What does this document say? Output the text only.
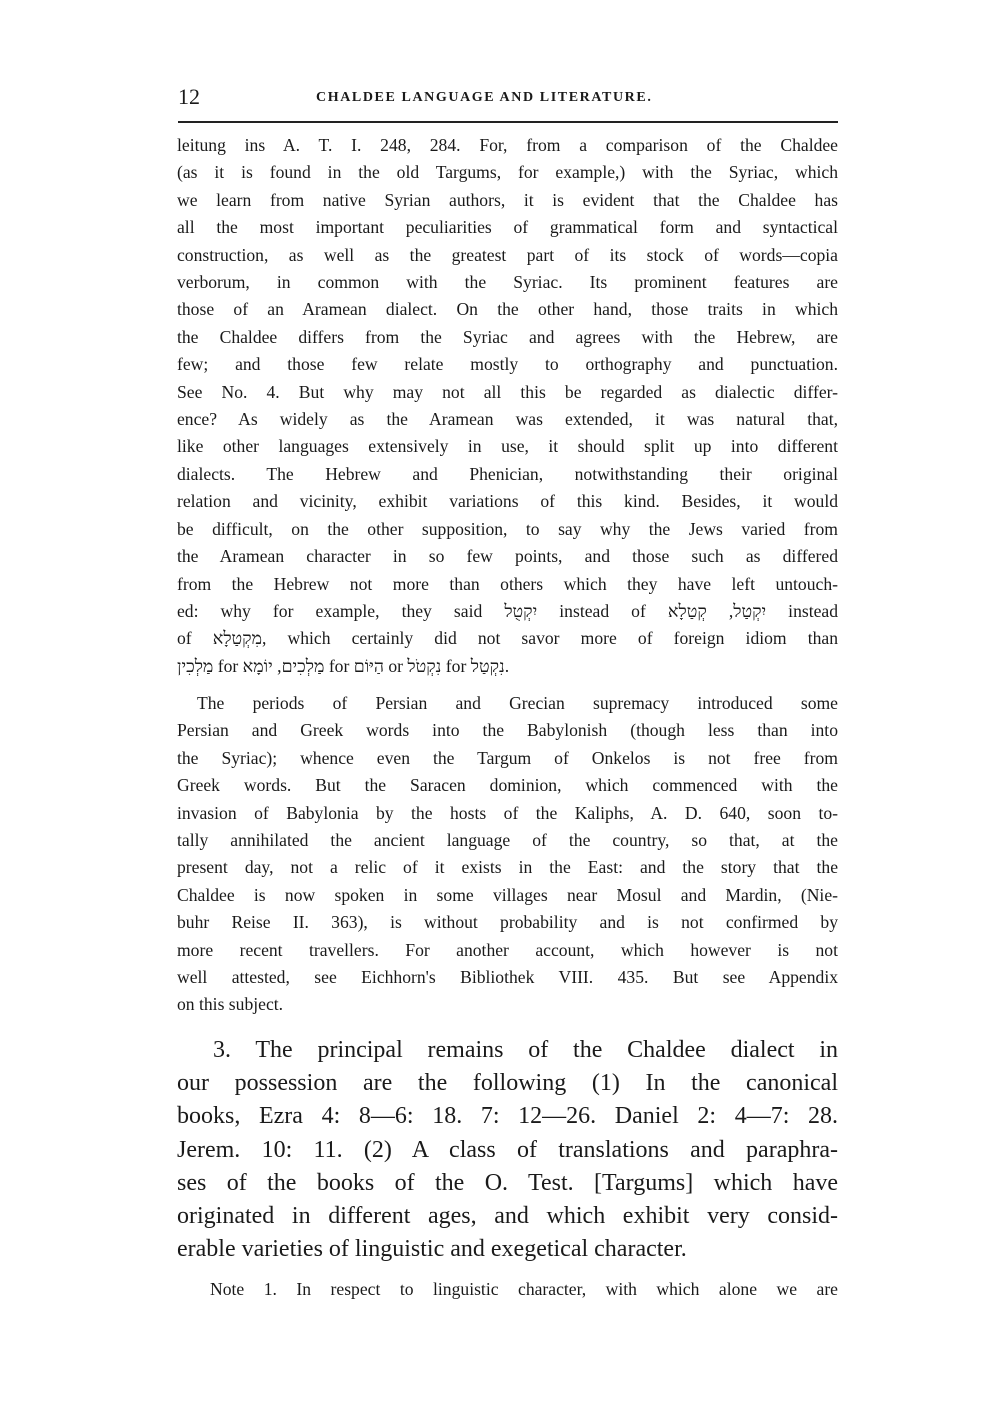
12	CHALDEE LANGUAGE AND LITERATURE.
leitung ins A. T. I. 248, 284. For, from a comparison of the Chaldee
(as it is found in the old Targums, for example,) with the Syriac, which
we learn from native Syrian authors, it is evident that the Chaldee has
all the most important peculiarities of grammatical form and syntactical
construction, as well as the greatest part of its stock of words—copia
verborum, in common with the Syriac. Its prominent features are
those of an Aramean dialect. On the other hand, those traits in which
the Chaldee differs from the Syriac and agrees with the Hebrew, are
few; and those few relate mostly to orthography and punctuation.
See No. 4. But why may not all this be regarded as dialectic differ-
ence? As widely as the Aramean was extended, it was natural that,
like other languages extensively in use, it should split up into different
dialects. The Hebrew and Phenician, notwithstanding their original
relation and vicinity, exhibit variations of this kind. Besides, it would
be difficult, on the other supposition, to say why the Jews varied from
the Aramean character in so few points, and those such as differed
from the Hebrew not more than others which they have left untouch-
ed: why for example, they said יִקְטֻל instead of יִקְטַל, קְטַלָא instead
of מִקְטַלָא, which certainly did not savor more of foreign idiom than
מַלְכִין for מַלְכִים, יוֹמָא for הַיּוֹם or נִקְטֹל for נִקְטַל.
The periods of Persian and Grecian supremacy introduced some
Persian and Greek words into the Babylonish (though less than into
the Syriac); whence even the Targum of Onkelos is not free from
Greek words. But the Saracen dominion, which commenced with the
invasion of Babylonia by the hosts of the Kaliphs, A. D. 640, soon to-
tally annihilated the ancient language of the country, so that, at the
present day, not a relic of it exists in the East: and the story that the
Chaldee is now spoken in some villages near Mosul and Mardin, (Nie-
buhr Reise II. 363), is without probability and is not confirmed by
more recent travellers. For another account, which however is not
well attested, see Eichhorn's Bibliothek VIII. 435. But see Appendix
on this subject.
3. The principal remains of the Chaldee dialect in
our possession are the following (1) In the canonical
books, Ezra 4: 8—6: 18. 7: 12—26. Daniel 2: 4—7: 28.
Jerem. 10: 11. (2) A class of translations and paraphra-
ses of the books of the O. Test. [Targums] which have
originated in different ages, and which exhibit very consid-
erable varieties of linguistic and exegetical character.
Note 1. In respect to linguistic character, with which alone we are
